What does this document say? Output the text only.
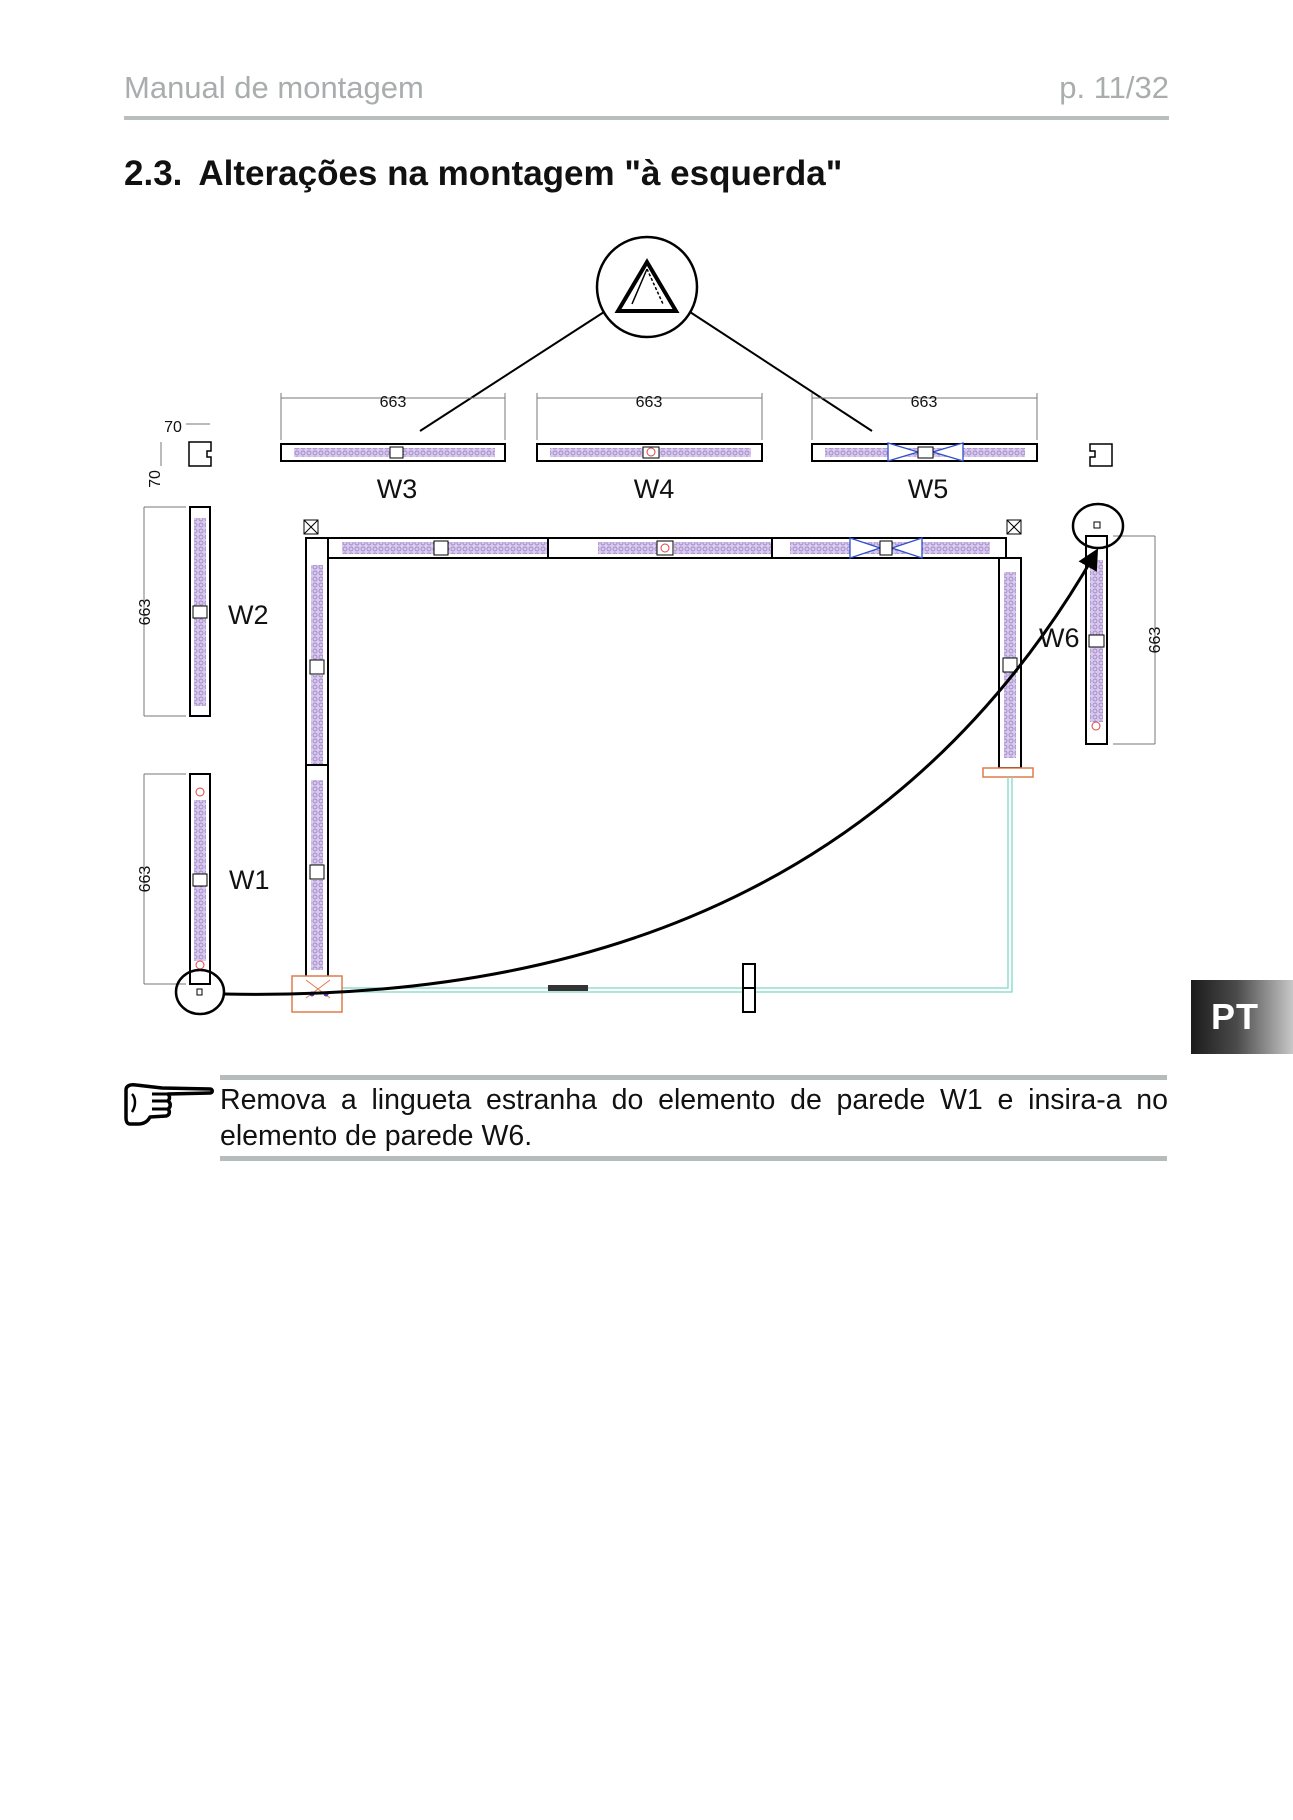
Manual de montagem	p. 11/32
2.3. Alterações na montagem "à esquerda"
663	663	663
70
70
663
663
663
W3	W4	W5
W2
W1
W6
PT
Remova a lingueta estranha do elemento de parede W1 e insira-a no elemento de parede W6.
